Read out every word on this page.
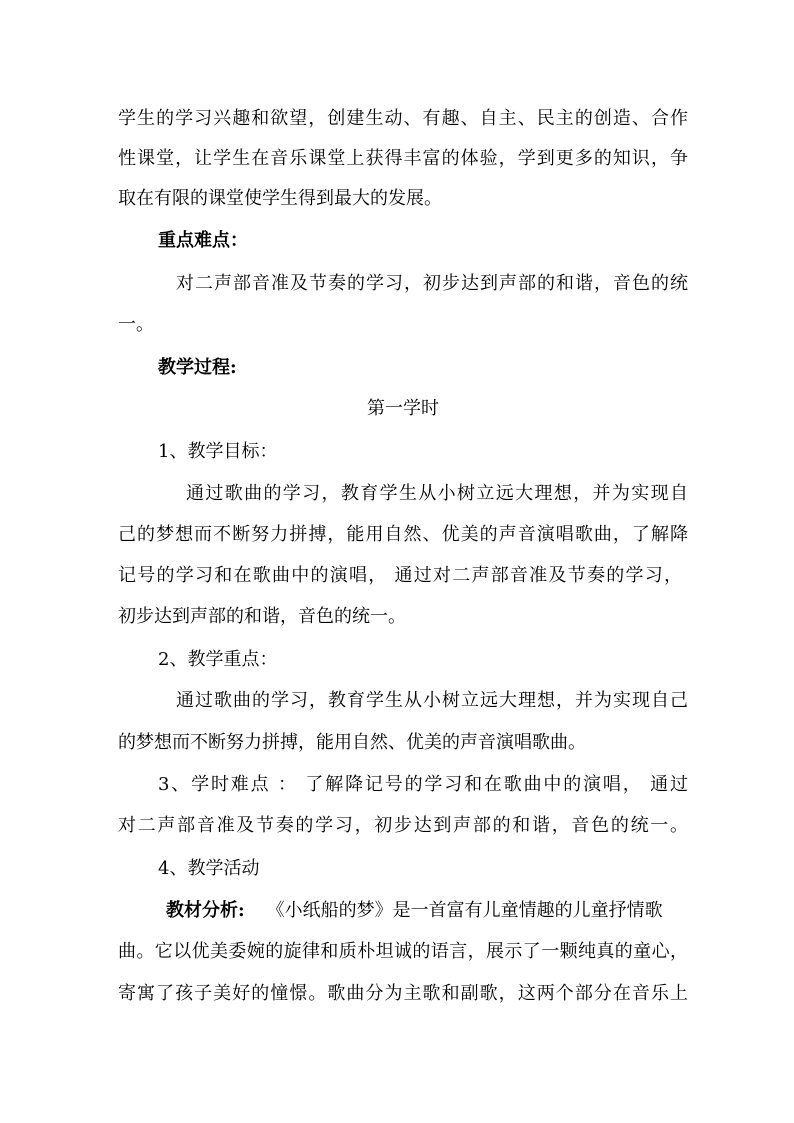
学生的学习兴趣和欲望，创建生动、有趣、自主、民主的创造、合作
性课堂，让学生在音乐课堂上获得丰富的体验，学到更多的知识，争
取在有限的课堂使学生得到最大的发展。
重点难点：
对二声部音准及节奏的学习，初步达到声部的和谐，音色的统
一。
教学过程:
第一学时
1、教学目标：
通过歌曲的学习，教育学生从小树立远大理想，并为实现自
己的梦想而不断努力拼搏，能用自然、优美的声音演唱歌曲，了解降
记号的学习和在歌曲中的演唱， 通过对二声部音准及节奏的学习，
初步达到声部的和谐，音色的统一。
2、教学重点：
通过歌曲的学习，教育学生从小树立远大理想，并为实现自己
的梦想而不断努力拼搏，能用自然、优美的声音演唱歌曲。
3、学时难点 ： 了解降记号的学习和在歌曲中的演唱， 通过
对二声部音准及节奏的学习，初步达到声部的和谐，音色的统一。
4、教学活动
教材分析: 《小纸船的梦》是一首富有儿童情趣的儿童抒情歌
曲。它以优美委婉的旋律和质朴坦诚的语言，展示了一颗纯真的童心，
寄寓了孩子美好的憧憬。歌曲分为主歌和副歌，这两个部分在音乐上
